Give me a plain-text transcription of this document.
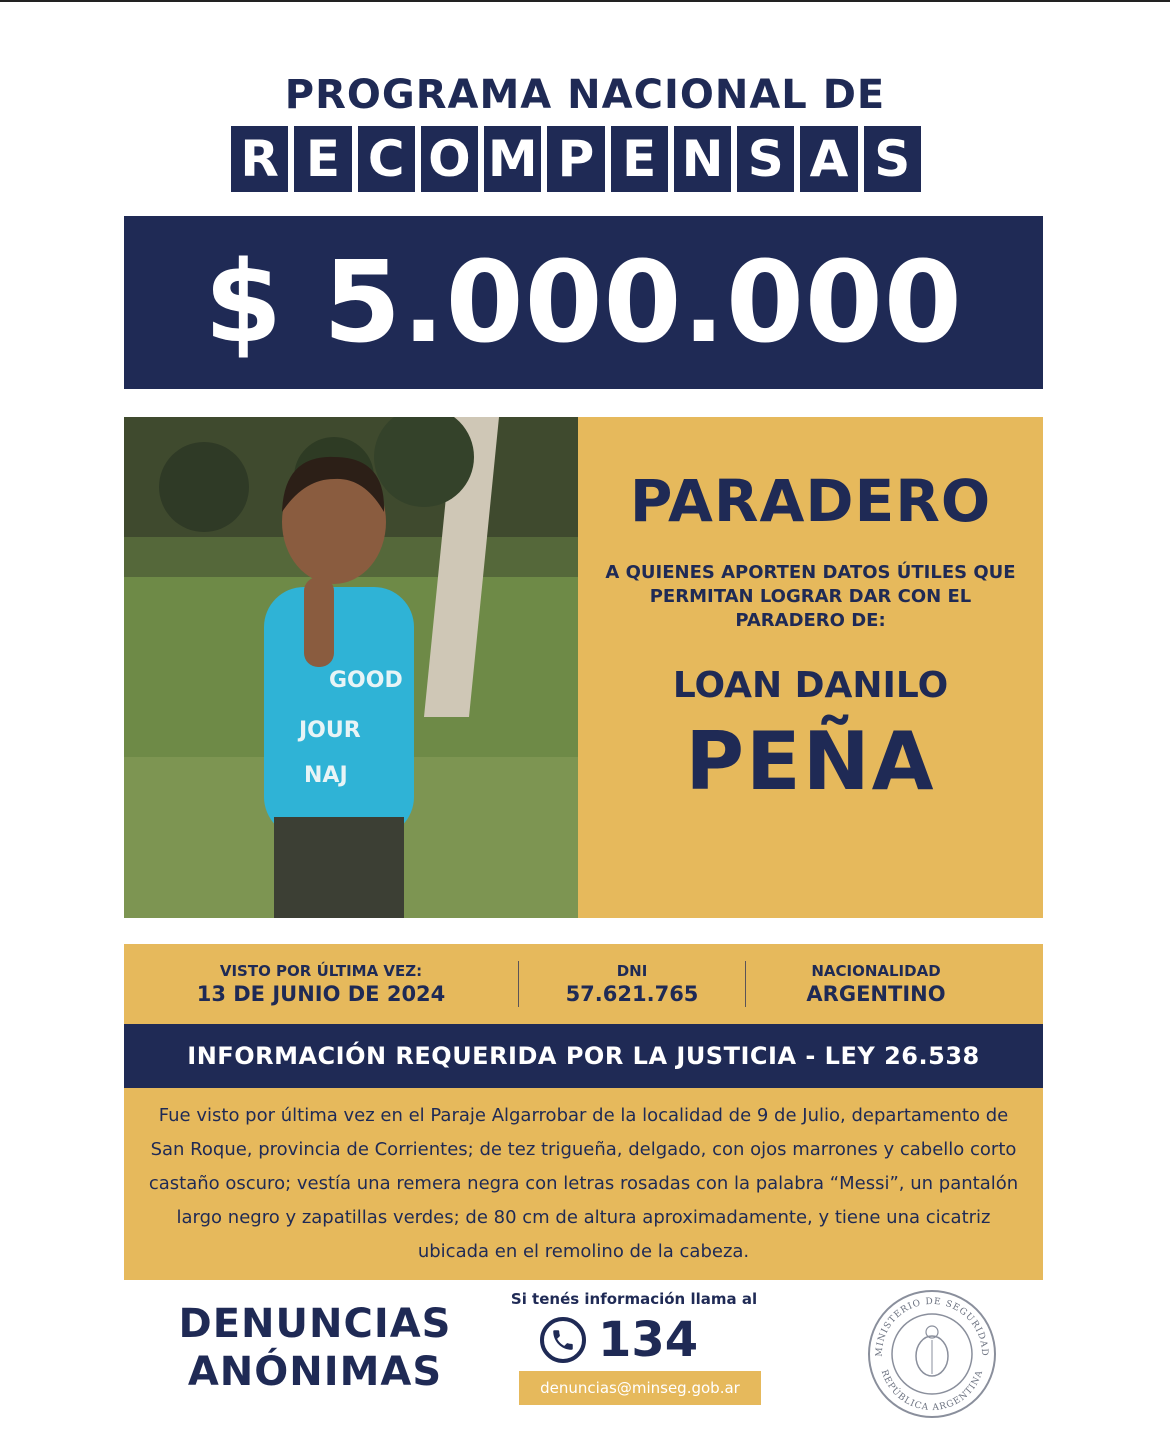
PROGRAMA NACIONAL DE
R E C O M P E N S A S
$ 5.000.000
GOOD
JOUR
NAJ
PARADERO
A QUIENES APORTEN DATOS ÚTILES QUE PERMITAN LOGRAR DAR CON EL PARADERO DE:
LOAN DANILO
PEÑA
VISTO POR ÚLTIMA VEZ:
13 DE JUNIO DE 2024
DNI
57.621.765
NACIONALIDAD
ARGENTINO
INFORMACIÓN REQUERIDA POR LA JUSTICIA - LEY 26.538
Fue visto por última vez en el Paraje Algarrobar de la localidad de 9 de Julio, departamento de San Roque, provincia de Corrientes; de tez trigueña, delgado, con ojos marrones y cabello corto castaño oscuro; vestía una remera negra con letras rosadas con la palabra “Messi”, un pantalón largo negro y zapatillas verdes; de 80 cm de altura aproximadamente, y tiene una cicatriz ubicada en el remolino de la cabeza.
DENUNCIAS
ANÓNIMAS
Si tenés información llama al
134
denuncias@minseg.gob.ar
MINISTERIO DE SEGURIDAD
REPÚBLICA ARGENTINA
